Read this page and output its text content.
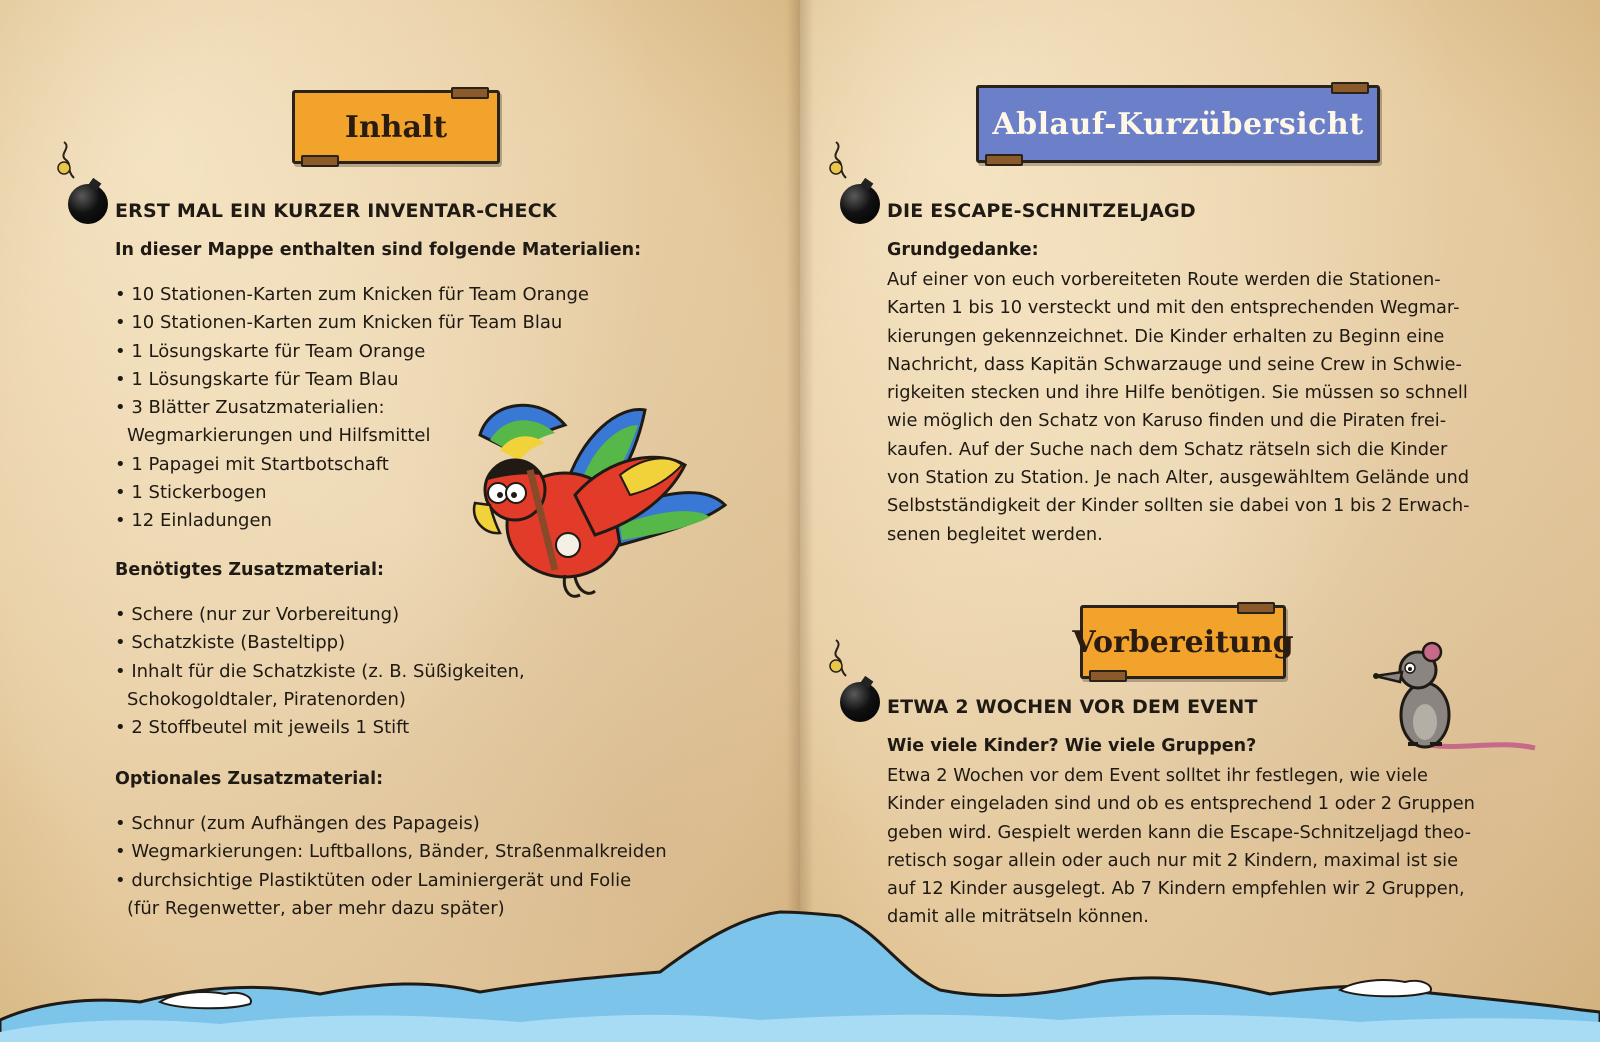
Inhalt
ERST MAL EIN KURZER INVENTAR-CHECK
In dieser Mappe enthalten sind folgende Materialien:
• 10 Stationen-Karten zum Knicken für Team Orange
• 10 Stationen-Karten zum Knicken für Team Blau
• 1 Lösungskarte für Team Orange
• 1 Lösungskarte für Team Blau
• 3 Blätter Zusatzmaterialien: Wegmarkierungen und Hilfsmittel
• 1 Papagei mit Startbotschaft
• 1 Stickerbogen
• 12 Einladungen
Benötigtes Zusatzmaterial:
• Schere (nur zur Vorbereitung)
• Schatzkiste (Basteltipp)
• Inhalt für die Schatzkiste (z. B. Süßigkeiten, Schokogoldtaler, Piratenorden)
• 2 Stoffbeutel mit jeweils 1 Stift
Optionales Zusatzmaterial:
• Schnur (zum Aufhängen des Papageis)
• Wegmarkierungen: Luftballons, Bänder, Straßenmalkreiden
• durchsichtige Plastiktüten oder Laminiergerät und Folie (für Regenwetter, aber mehr dazu später)
Ablauf-Kurzübersicht
DIE ESCAPE-SCHNITZELJAGD
Grundgedanke:
Auf einer von euch vorbereiteten Route werden die Stationen-
Karten 1 bis 10 versteckt und mit den entsprechenden Wegmar-
kierungen gekennzeichnet. Die Kinder erhalten zu Beginn eine
Nachricht, dass Kapitän Schwarzauge und seine Crew in Schwie-
rigkeiten stecken und ihre Hilfe benötigen. Sie müssen so schnell
wie möglich den Schatz von Karuso finden und die Piraten frei-
kaufen. Auf der Suche nach dem Schatz rätseln sich die Kinder
von Station zu Station. Je nach Alter, ausgewähltem Gelände und
Selbstständigkeit der Kinder sollten sie dabei von 1 bis 2 Erwach-
senen begleitet werden.
Vorbereitung
ETWA 2 WOCHEN VOR DEM EVENT
Wie viele Kinder? Wie viele Gruppen?
Etwa 2 Wochen vor dem Event solltet ihr festlegen, wie viele
Kinder eingeladen sind und ob es entsprechend 1 oder 2 Gruppen
geben wird. Gespielt werden kann die Escape-Schnitzeljagd theo-
retisch sogar allein oder auch nur mit 2 Kindern, maximal ist sie
auf 12 Kinder ausgelegt. Ab 7 Kindern empfehlen wir 2 Gruppen,
damit alle miträtseln können.
